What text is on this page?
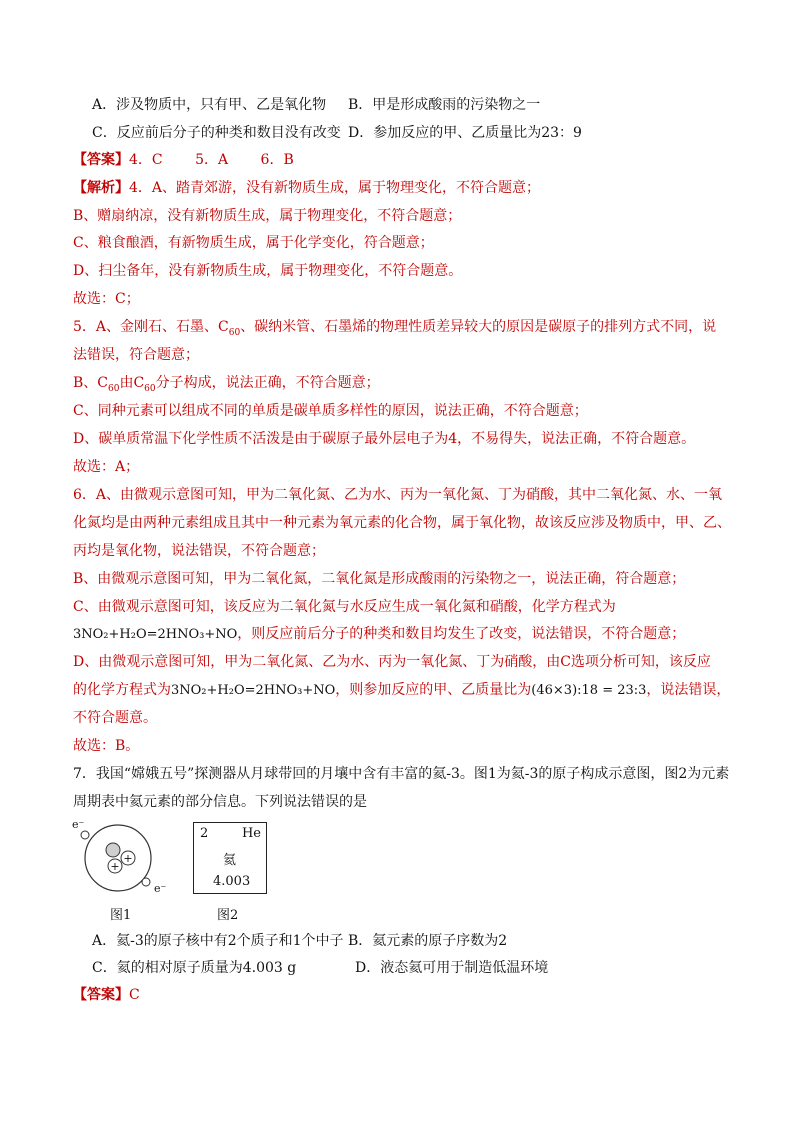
A．涉及物质中，只有甲、乙是氧化物 B．甲是形成酸雨的污染物之一
C．反应前后分子的种类和数目没有改变 D．参加反应的甲、乙质量比为23：9
【答案】4．C　　 5．A　　 6．B
【解析】4．A、踏青郊游，没有新物质生成，属于物理变化，不符合题意；
B、赠扇纳凉，没有新物质生成，属于物理变化，不符合题意；
C、粮食酿酒，有新物质生成，属于化学变化，符合题意；
D、扫尘备年，没有新物质生成，属于物理变化，不符合题意。
故选：C；
5．A、金刚石、石墨、$C_{60}$、碳纳米管、石墨烯的物理性质差异较大的原因是碳原子的排列方式不同，说
法错误，符合题意；
B、$C_{60}$由$C_{60}$分子构成，说法正确，不符合题意；
C、同种元素可以组成不同的单质是碳单质多样性的原因，说法正确，不符合题意；
D、碳单质常温下化学性质不活泼是由于碳原子最外层电子为4，不易得失，说法正确，不符合题意。
故选：A；
6．A、由微观示意图可知，甲为二氧化氮、乙为水、丙为一氧化氮、丁为硝酸，其中二氧化氮、水、一氧
化氮均是由两种元素组成且其中一种元素为氧元素的化合物，属于氧化物，故该反应涉及物质中，甲、乙、
丙均是氧化物，说法错误，不符合题意；
B、由微观示意图可知，甲为二氧化氮，二氧化氮是形成酸雨的污染物之一，说法正确，符合题意；
C、由微观示意图可知，该反应为二氧化氮与水反应生成一氧化氮和硝酸，化学方程式为
3NO₂+H₂O=2HNO₃+NO，则反应前后分子的种类和数目均发生了改变，说法错误，不符合题意；
D、由微观示意图可知，甲为二氧化氮、乙为水、丙为一氧化氮、丁为硝酸，由C选项分析可知，该反应
的化学方程式为3NO₂+H₂O=2HNO₃+NO，则参加反应的甲、乙质量比为(46×3):18 = 23:3，说法错误，
不符合题意。
故选：B。
7．我国“嫦娥五号”探测器从月球带回的月壤中含有丰富的氦-3。图1为氦-3的原子构成示意图，图2为元素
周期表中氦元素的部分信息。下列说法错误的是
+
+
e⁻
e⁻
图1
2	He
氦
4.003
图2
A．氦-3的原子核中有2个质子和1个中子 B．氦元素的原子序数为2
C．氦的相对原子质量为4.003 g	D．液态氦可用于制造低温环境
【答案】C
